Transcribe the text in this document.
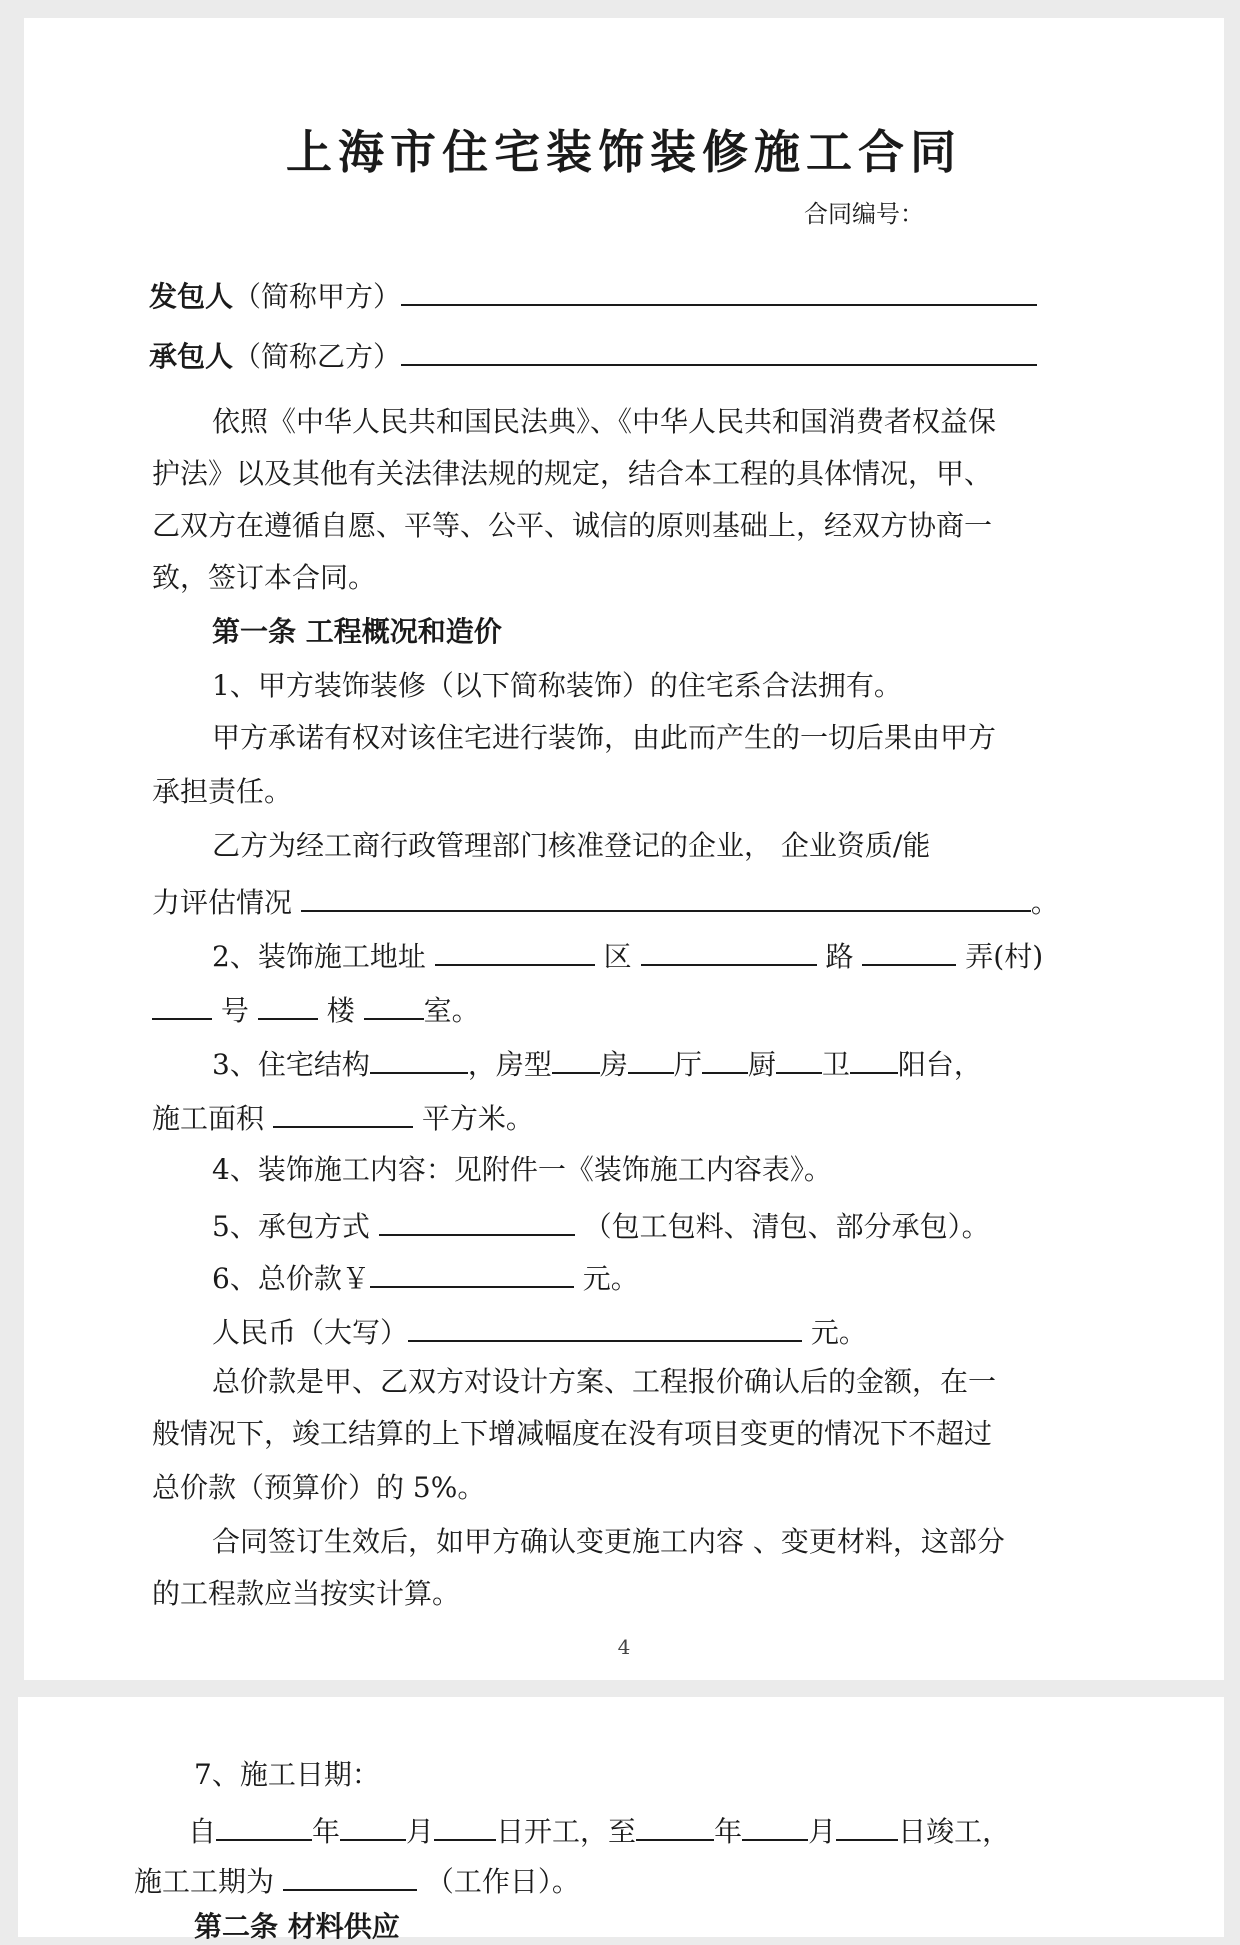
上海市住宅装饰装修施工合同
合同编号：
发包人（简称甲方）
承包人（简称乙方）
依照《中华人民共和国民法典》、《中华人民共和国消费者权益保
护法》以及其他有关法律法规的规定，结合本工程的具体情况，甲、
乙双方在遵循自愿、平等、公平、诚信的原则基础上，经双方协商一
致，签订本合同。
第一条 工程概况和造价
1、甲方装饰装修（以下简称装饰）的住宅系合法拥有。
甲方承诺有权对该住宅进行装饰，由此而产生的一切后果由甲方
承担责任。
乙方为经工商行政管理部门核准登记的企业， 企业资质/能
力评估情况	。
2、装饰施工地址	区	路	弄(村)
号	楼 室。
3、住宅结构	，房型 房 厅 厨 卫 阳台，
施工面积	平方米。
4、装饰施工内容：见附件一《装饰施工内容表》。
5、承包方式	（包工包料、清包、部分承包）。
6、总价款￥	元。
人民币（大写）	元。
总价款是甲、乙双方对设计方案、工程报价确认后的金额，在一
般情况下，竣工结算的上下增减幅度在没有项目变更的情况下不超过
总价款（预算价）的 5%。
合同签订生效后，如甲方确认变更施工内容 、变更材料，这部分
的工程款应当按实计算。
4
7、施工日期：
自	年 月 日开工，至	年 月 日竣工，
施工工期为	（工作日）。
第二条 材料供应
